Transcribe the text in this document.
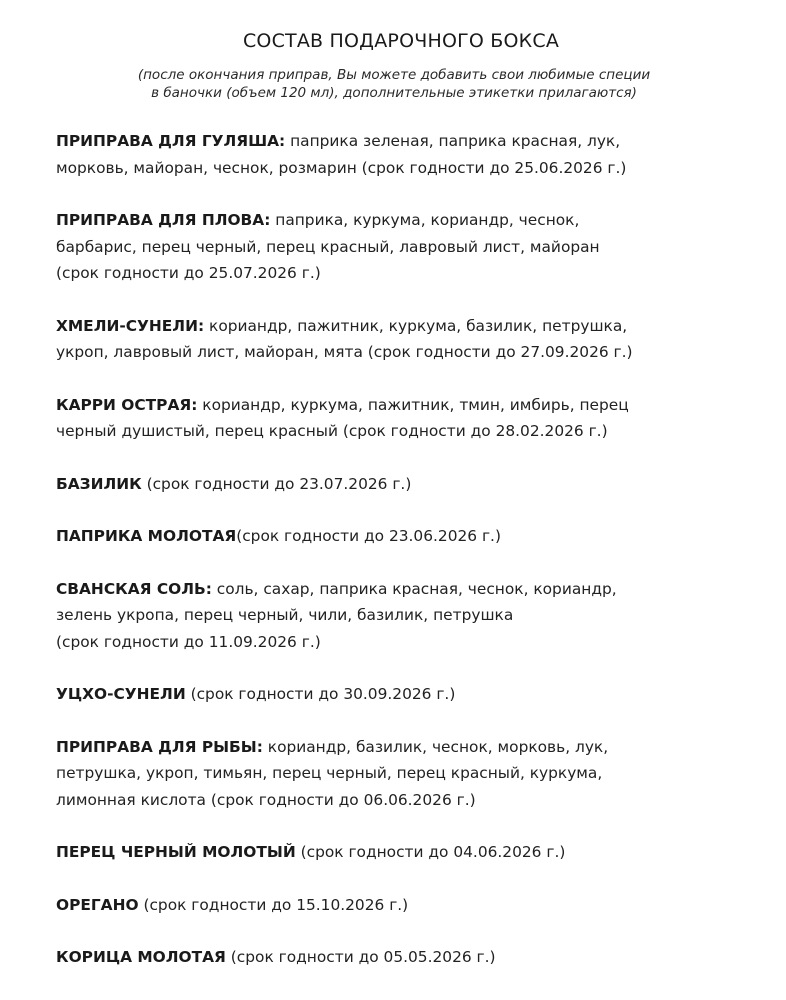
СОСТАВ ПОДАРОЧНОГО БОКСА
(после окончания приправ, Вы можете добавить свои любимые специи
в баночки (объем 120 мл), дополнительные этикетки прилагаются)
ПРИПРАВА ДЛЯ ГУЛЯША: паприка зеленая, паприка красная, лук,
морковь, майоран, чеснок, розмарин (срок годности до 25.06.2026 г.)
ПРИПРАВА ДЛЯ ПЛОВА: паприка, куркума, кориандр, чеснок,
барбарис, перец черный, перец красный, лавровый лист, майоран
(срок годности до 25.07.2026 г.)
ХМЕЛИ-СУНЕЛИ: кориандр, пажитник, куркума, базилик, петрушка,
укроп, лавровый лист, майоран, мята (срок годности до 27.09.2026 г.)
КАРРИ ОСТРАЯ: кориандр, куркума, пажитник, тмин, имбирь, перец
черный душистый, перец красный (срок годности до 28.02.2026 г.)
БАЗИЛИК (срок годности до 23.07.2026 г.)
ПАПРИКА МОЛОТАЯ(срок годности до 23.06.2026 г.)
СВАНСКАЯ СОЛЬ: соль, сахар, паприка красная, чеснок, кориандр,
зелень укропа, перец черный, чили, базилик, петрушка
(срок годности до 11.09.2026 г.)
УЦХО-СУНЕЛИ (срок годности до 30.09.2026 г.)
ПРИПРАВА ДЛЯ РЫБЫ: кориандр, базилик, чеснок, морковь, лук,
петрушка, укроп, тимьян, перец черный, перец красный, куркума,
лимонная кислота (срок годности до 06.06.2026 г.)
ПЕРЕЦ ЧЕРНЫЙ МОЛОТЫЙ (срок годности до 04.06.2026 г.)
ОРЕГАНО (срок годности до 15.10.2026 г.)
КОРИЦА МОЛОТАЯ (срок годности до 05.05.2026 г.)
